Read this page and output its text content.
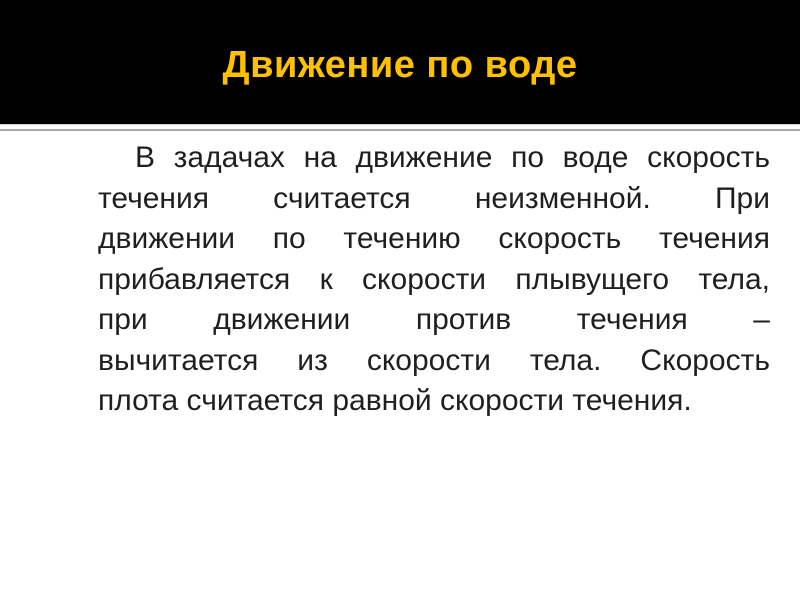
Движение по воде
В задачах на движение по воде скорость
течения считается неизменной. При
движении по течению скорость течения
прибавляется к скорости плывущего тела,
при движении против течения –
вычитается из скорости тела. Скорость
плота считается равной скорости течения.
